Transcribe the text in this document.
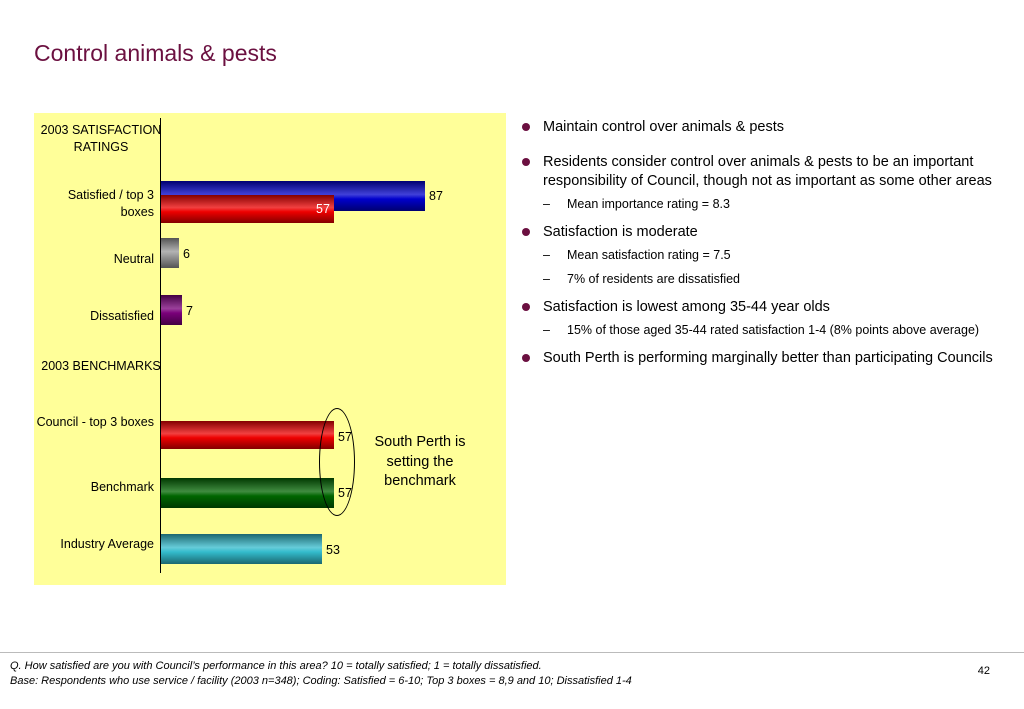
Control animals & pests
2003 SATISFACTION RATINGS
2003 BENCHMARKS
Satisfied / top 3 boxes
Neutral
Dissatisfied
Council - top 3 boxes
Benchmark
Industry Average
87
57
6
7
57
57
53
South Perth is setting the benchmark
Maintain control over animals & pests
Residents consider control over animals & pests to be an important responsibility of Council, though not as important as some other areas
– Mean importance rating = 8.3
Satisfaction is moderate
– Mean satisfaction rating = 7.5
– 7% of residents are dissatisfied
Satisfaction is lowest among 35-44 year olds
– 15% of those aged 35-44 rated satisfaction 1-4 (8% points above average)
South Perth is performing marginally better than participating Councils
Q. How satisfied are you with Council’s performance in this area? 10 = totally satisfied; 1 = totally dissatisfied.
Base: Respondents who use service / facility (2003 n=348); Coding: Satisfied = 6-10; Top 3 boxes = 8,9 and 10; Dissatisfied 1-4
42
